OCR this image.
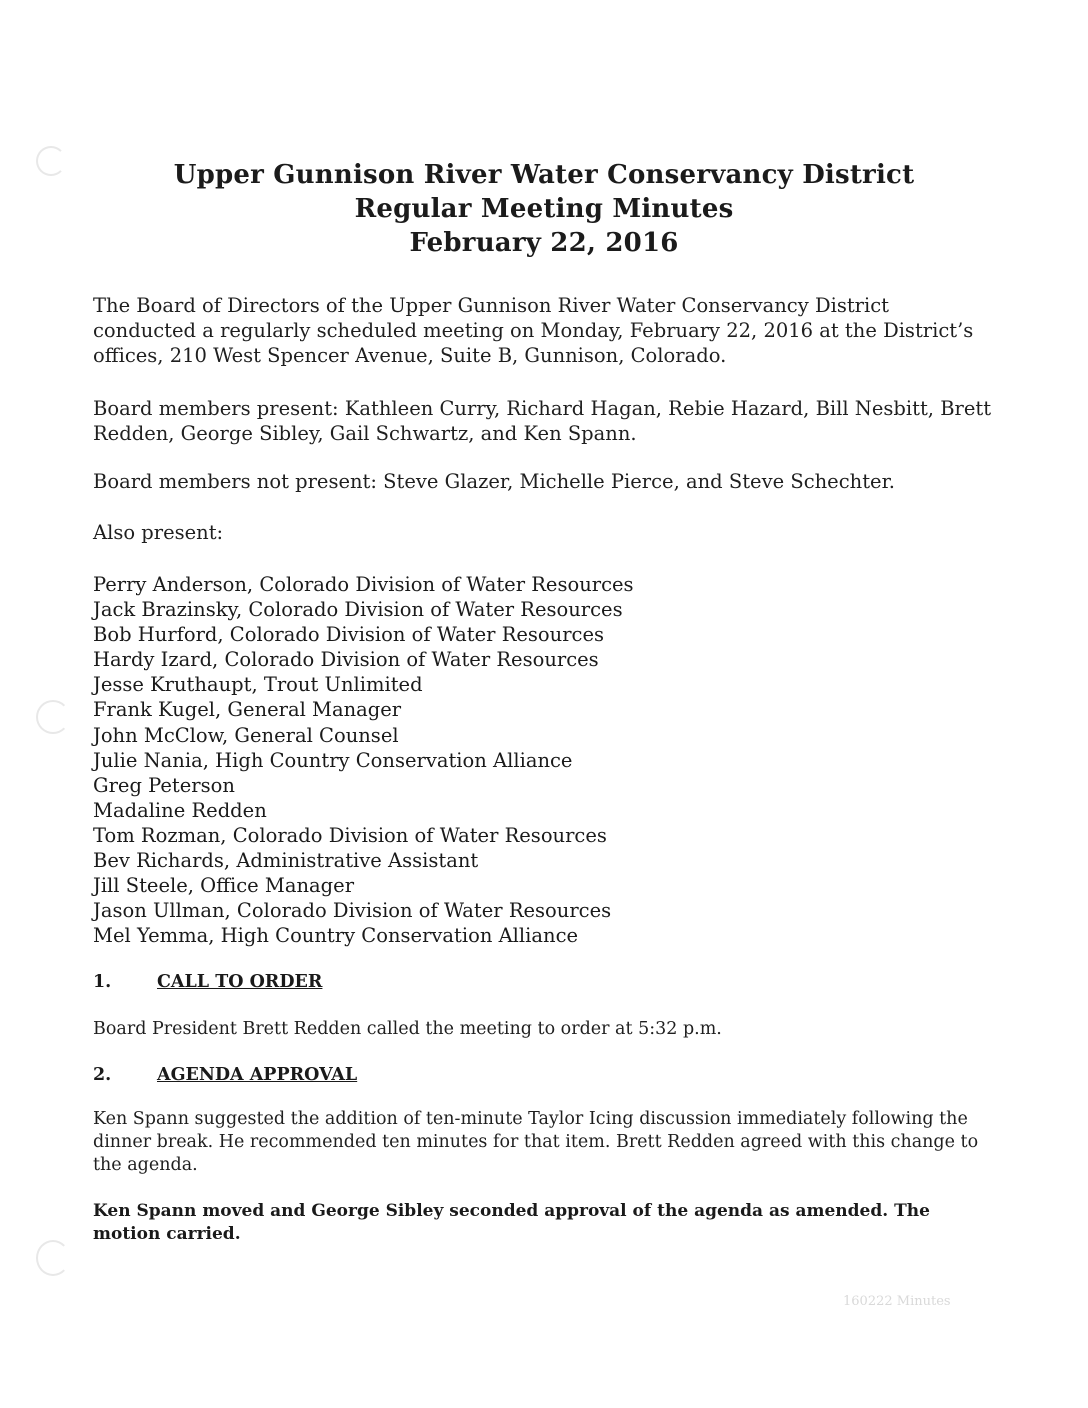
Upper Gunnison River Water Conservancy District
Regular Meeting Minutes
February 22, 2016
The Board of Directors of the Upper Gunnison River Water Conservancy District conducted a regularly scheduled meeting on Monday, February 22, 2016 at the District’s offices, 210 West Spencer Avenue, Suite B, Gunnison, Colorado.
Board members present: Kathleen Curry, Richard Hagan, Rebie Hazard, Bill Nesbitt, Brett Redden, George Sibley, Gail Schwartz, and Ken Spann.
Board members not present: Steve Glazer, Michelle Pierce, and Steve Schechter.
Also present:
Perry Anderson, Colorado Division of Water Resources
Jack Brazinsky, Colorado Division of Water Resources
Bob Hurford, Colorado Division of Water Resources
Hardy Izard, Colorado Division of Water Resources
Jesse Kruthaupt, Trout Unlimited
Frank Kugel, General Manager
John McClow, General Counsel
Julie Nania, High Country Conservation Alliance
Greg Peterson
Madaline Redden
Tom Rozman, Colorado Division of Water Resources
Bev Richards, Administrative Assistant
Jill Steele, Office Manager
Jason Ullman, Colorado Division of Water Resources
Mel Yemma, High Country Conservation Alliance
1.	CALL TO ORDER
Board President Brett Redden called the meeting to order at 5:32 p.m.
2.	AGENDA APPROVAL
Ken Spann suggested the addition of ten-minute Taylor Icing discussion immediately following the dinner break. He recommended ten minutes for that item. Brett Redden agreed with this change to the agenda.
Ken Spann moved and George Sibley seconded approval of the agenda as amended. The motion carried.
160222 Minutes
